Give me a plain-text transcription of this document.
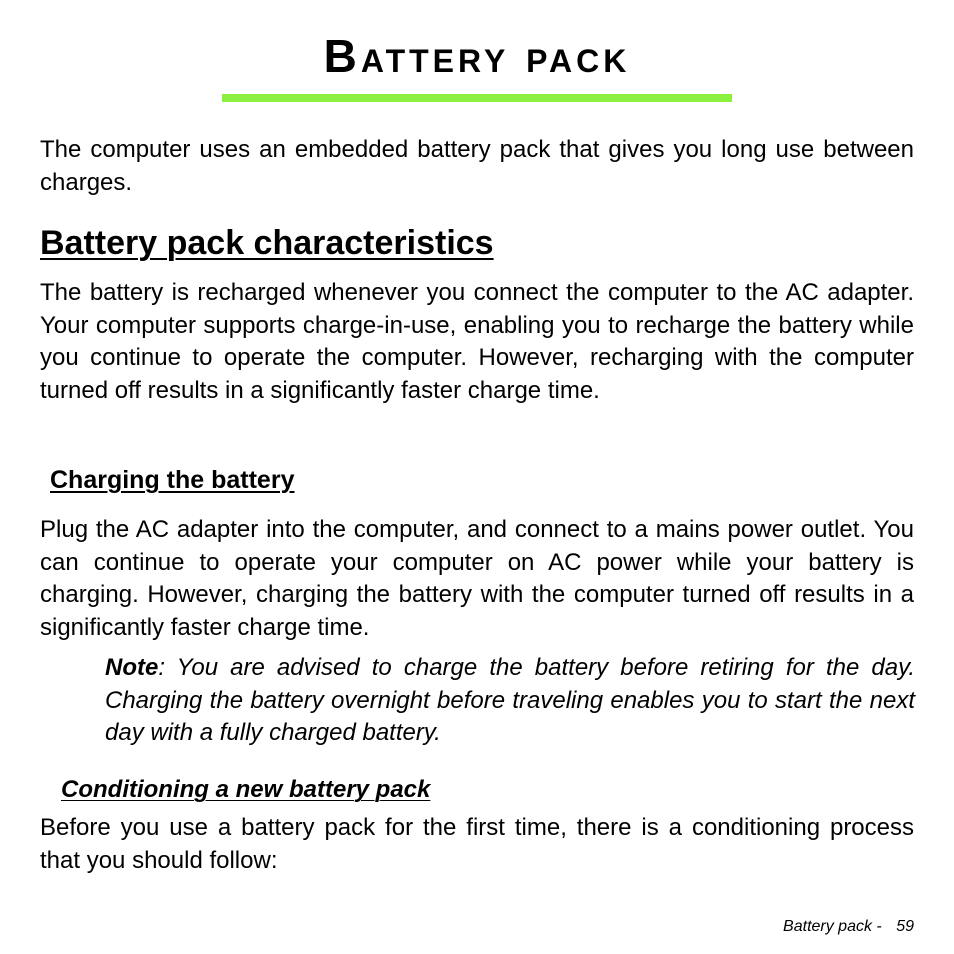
Battery pack

The computer uses an embedded battery pack that gives you long use between charges.

Battery pack characteristics

The battery is recharged whenever you connect the computer to the AC adapter. Your computer supports charge-in-use, enabling you to recharge the battery while you continue to operate the computer. However, recharging with the computer turned off results in a significantly faster charge time.

Charging the battery

Plug the AC adapter into the computer, and connect to a mains power outlet. You can continue to operate your computer on AC power while your battery is charging. However, charging the battery with the computer turned off results in a significantly faster charge time.

Note: You are advised to charge the battery before retiring for the day. Charging the battery overnight before traveling enables you to start the next day with a fully charged battery.

Conditioning a new battery pack

Before you use a battery pack for the first time, there is a conditioning process that you should follow:

Battery pack - 59
